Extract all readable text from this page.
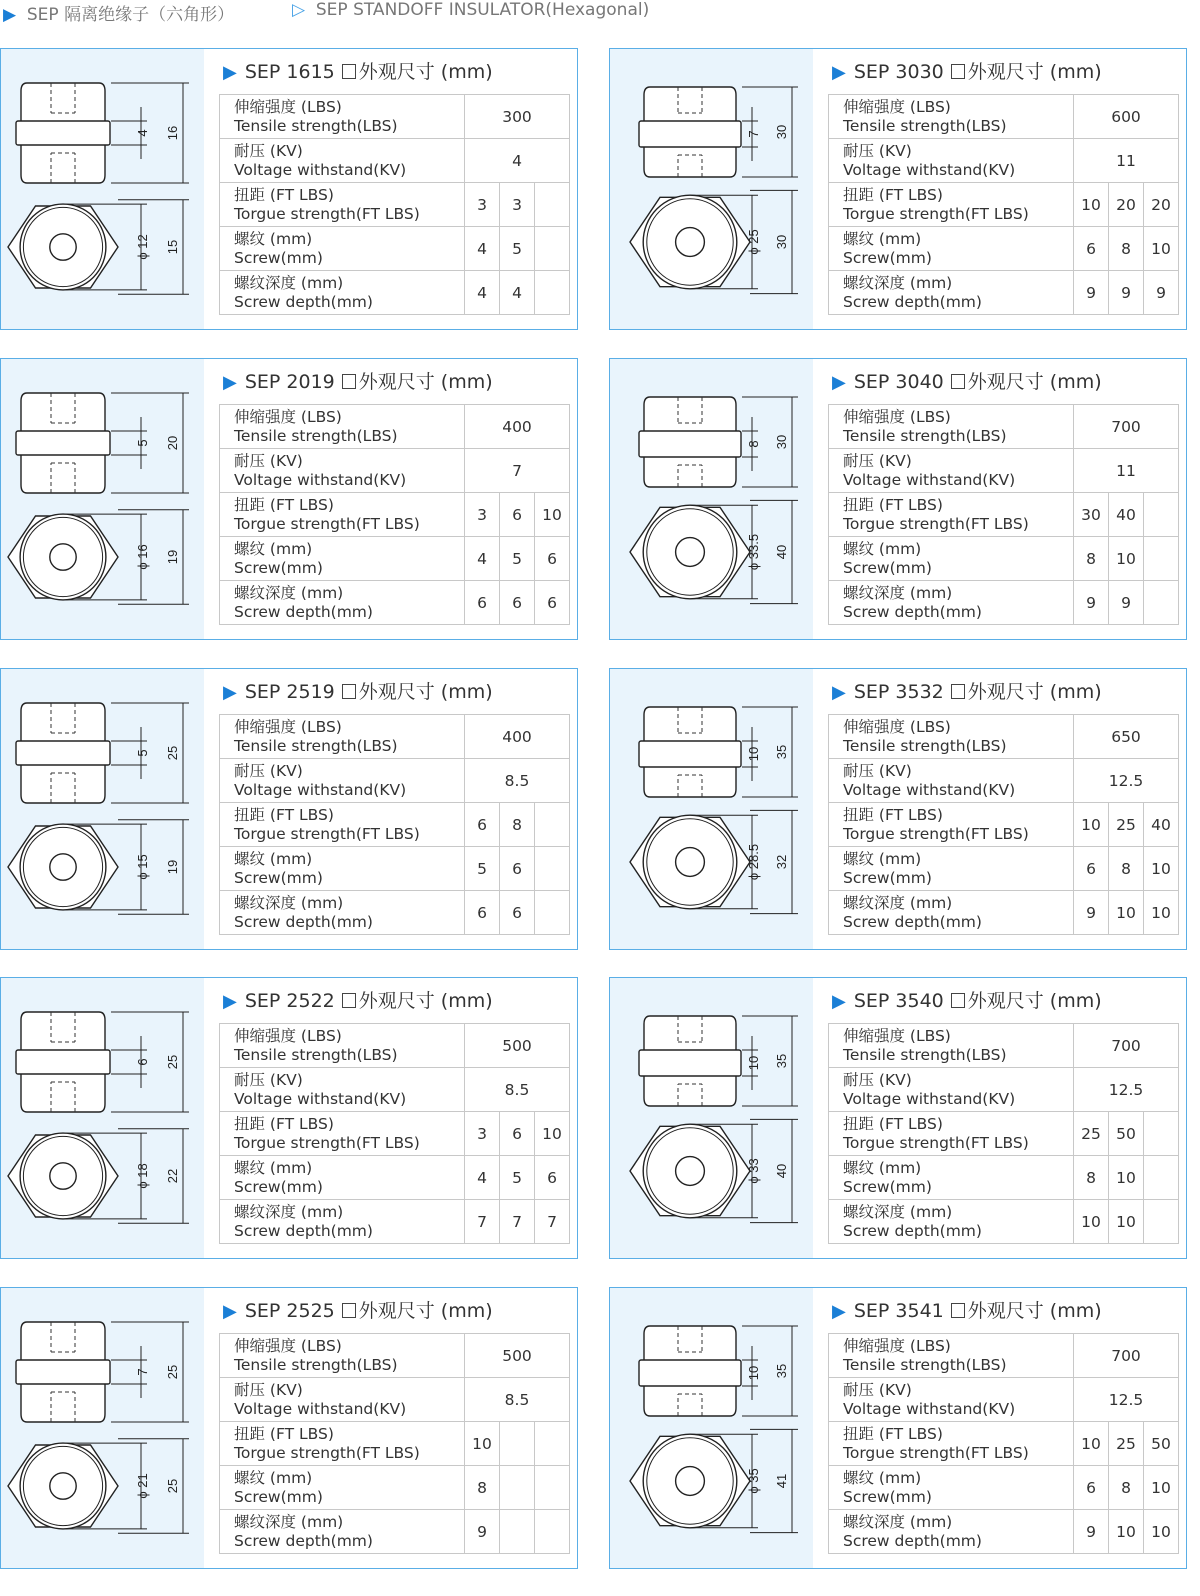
▶ SEP 隔离绝缘子（六角形）	▷ SEP STANDOFF INSULATOR(Hexagonal)
4 16
ϕ 12 15
▶ SEP 1615 外观尺寸 (mm)
伸缩强度 (LBS)
Tensile strength(LBS)	300		
耐压 (KV)
Voltage withstand(KV)	4		
扭距 (FT LBS)
Torgue strength(FT LBS)	3	3	
螺纹 (mm)
Screw(mm)	4	5	
螺纹深度 (mm)
Screw depth(mm)	4	4	
7 30
ϕ 25 30
▶ SEP 3030 外观尺寸 (mm)
伸缩强度 (LBS)
Tensile strength(LBS)	600		
耐压 (KV)
Voltage withstand(KV)	11		
扭距 (FT LBS)
Torgue strength(FT LBS)	10	20	20
螺纹 (mm)
Screw(mm)	6	8	10
螺纹深度 (mm)
Screw depth(mm)	9	9	9
5 20
ϕ 16 19
▶ SEP 2019 外观尺寸 (mm)
伸缩强度 (LBS)
Tensile strength(LBS)	400		
耐压 (KV)
Voltage withstand(KV)	7		
扭距 (FT LBS)
Torgue strength(FT LBS)	3	6	10
螺纹 (mm)
Screw(mm)	4	5	6
螺纹深度 (mm)
Screw depth(mm)	6	6	6
8 30
ϕ 33.5 40
▶ SEP 3040 外观尺寸 (mm)
伸缩强度 (LBS)
Tensile strength(LBS)	700		
耐压 (KV)
Voltage withstand(KV)	11		
扭距 (FT LBS)
Torgue strength(FT LBS)	30	40	
螺纹 (mm)
Screw(mm)	8	10	
螺纹深度 (mm)
Screw depth(mm)	9	9	
5 25
ϕ 15 19
▶ SEP 2519 外观尺寸 (mm)
伸缩强度 (LBS)
Tensile strength(LBS)	400		
耐压 (KV)
Voltage withstand(KV)	8.5		
扭距 (FT LBS)
Torgue strength(FT LBS)	6	8	
螺纹 (mm)
Screw(mm)	5	6	
螺纹深度 (mm)
Screw depth(mm)	6	6	
10 35
ϕ 28.5 32
▶ SEP 3532 外观尺寸 (mm)
伸缩强度 (LBS)
Tensile strength(LBS)	650		
耐压 (KV)
Voltage withstand(KV)	12.5		
扭距 (FT LBS)
Torgue strength(FT LBS)	10	25	40
螺纹 (mm)
Screw(mm)	6	8	10
螺纹深度 (mm)
Screw depth(mm)	9	10	10
6 25
ϕ 18 22
▶ SEP 2522 外观尺寸 (mm)
伸缩强度 (LBS)
Tensile strength(LBS)	500		
耐压 (KV)
Voltage withstand(KV)	8.5		
扭距 (FT LBS)
Torgue strength(FT LBS)	3	6	10
螺纹 (mm)
Screw(mm)	4	5	6
螺纹深度 (mm)
Screw depth(mm)	7	7	7
10 35
ϕ 33 40
▶ SEP 3540 外观尺寸 (mm)
伸缩强度 (LBS)
Tensile strength(LBS)	700		
耐压 (KV)
Voltage withstand(KV)	12.5		
扭距 (FT LBS)
Torgue strength(FT LBS)	25	50	
螺纹 (mm)
Screw(mm)	8	10	
螺纹深度 (mm)
Screw depth(mm)	10	10	
7 25
ϕ 21 25
▶ SEP 2525 外观尺寸 (mm)
伸缩强度 (LBS)
Tensile strength(LBS)	500		
耐压 (KV)
Voltage withstand(KV)	8.5		
扭距 (FT LBS)
Torgue strength(FT LBS)	10		
螺纹 (mm)
Screw(mm)	8		
螺纹深度 (mm)
Screw depth(mm)	9		
10 35
ϕ 35 41
▶ SEP 3541 外观尺寸 (mm)
伸缩强度 (LBS)
Tensile strength(LBS)	700		
耐压 (KV)
Voltage withstand(KV)	12.5		
扭距 (FT LBS)
Torgue strength(FT LBS)	10	25	50
螺纹 (mm)
Screw(mm)	6	8	10
螺纹深度 (mm)
Screw depth(mm)	9	10	10
